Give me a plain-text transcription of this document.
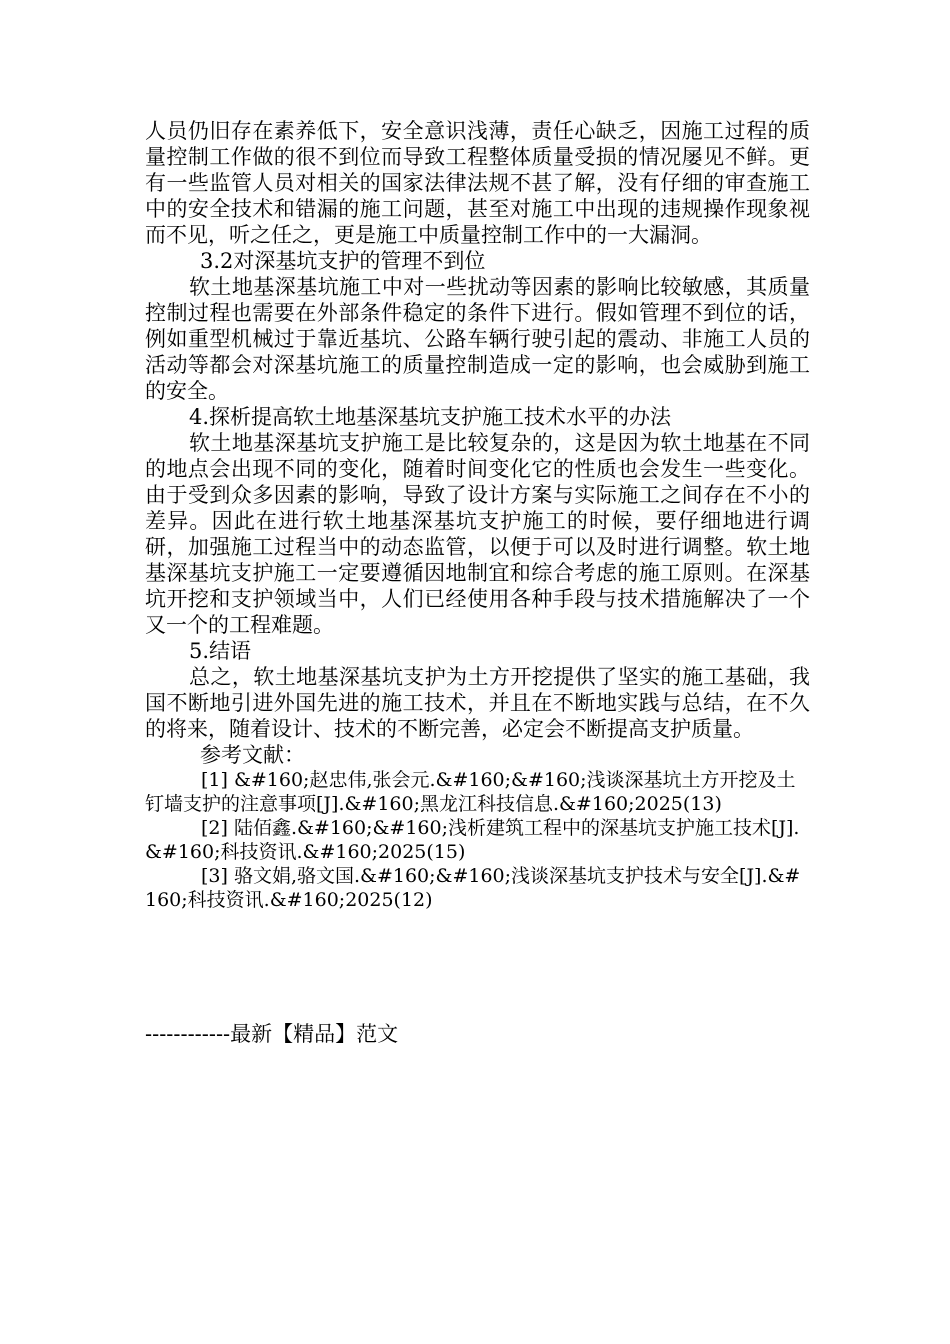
人员仍旧存在素养低下，安全意识浅薄，责任心缺乏，因施工过程的质量控制工作做的很不到位而导致工程整体质量受损的情况屡见不鲜。更有一些监管人员对相关的国家法律法规不甚了解，没有仔细的审查施工中的安全技术和错漏的施工问题，甚至对施工中出现的违规操作现象视而不见，听之任之，更是施工中质量控制工作中的一大漏洞。

3.2对深基坑支护的管理不到位

软土地基深基坑施工中对一些扰动等因素的影响比较敏感，其质量控制过程也需要在外部条件稳定的条件下进行。假如管理不到位的话，例如重型机械过于靠近基坑、公路车辆行驶引起的震动、非施工人员的活动等都会对深基坑施工的质量控制造成一定的影响，也会威胁到施工的安全。

4.探析提高软土地基深基坑支护施工技术水平的办法

软土地基深基坑支护施工是比较复杂的，这是因为软土地基在不同的地点会出现不同的变化，随着时间变化它的性质也会发生一些变化。由于受到众多因素的影响，导致了设计方案与实际施工之间存在不小的差异。因此在进行软土地基深基坑支护施工的时候，要仔细地进行调研，加强施工过程当中的动态监管，以便于可以及时进行调整。软土地基深基坑支护施工一定要遵循因地制宜和综合考虑的施工原则。在深基坑开挖和支护领域当中，人们已经使用各种手段与技术措施解决了一个又一个的工程难题。

5.结语

总之，软土地基深基坑支护为土方开挖提供了坚实的施工基础，我国不断地引进外国先进的施工技术，并且在不断地实践与总结，在不久的将来，随着设计、技术的不断完善，必定会不断提高支护质量。

参考文献：

[1] &#160;赵忠伟,张会元.&#160;&#160;浅谈深基坑土方开挖及土钉墙支护的注意事项[J].&#160;黑龙江科技信息.&#160;2025(13)

[2] 陆佰鑫.&#160;&#160;浅析建筑工程中的深基坑支护施工技术[J].&#160;科技资讯.&#160;2025(15)

[3] 骆文娟,骆文国.&#160;&#160;浅谈深基坑支护技术与安全[J].&#160;科技资讯.&#160;2025(12)

------------最新【精品】范文
